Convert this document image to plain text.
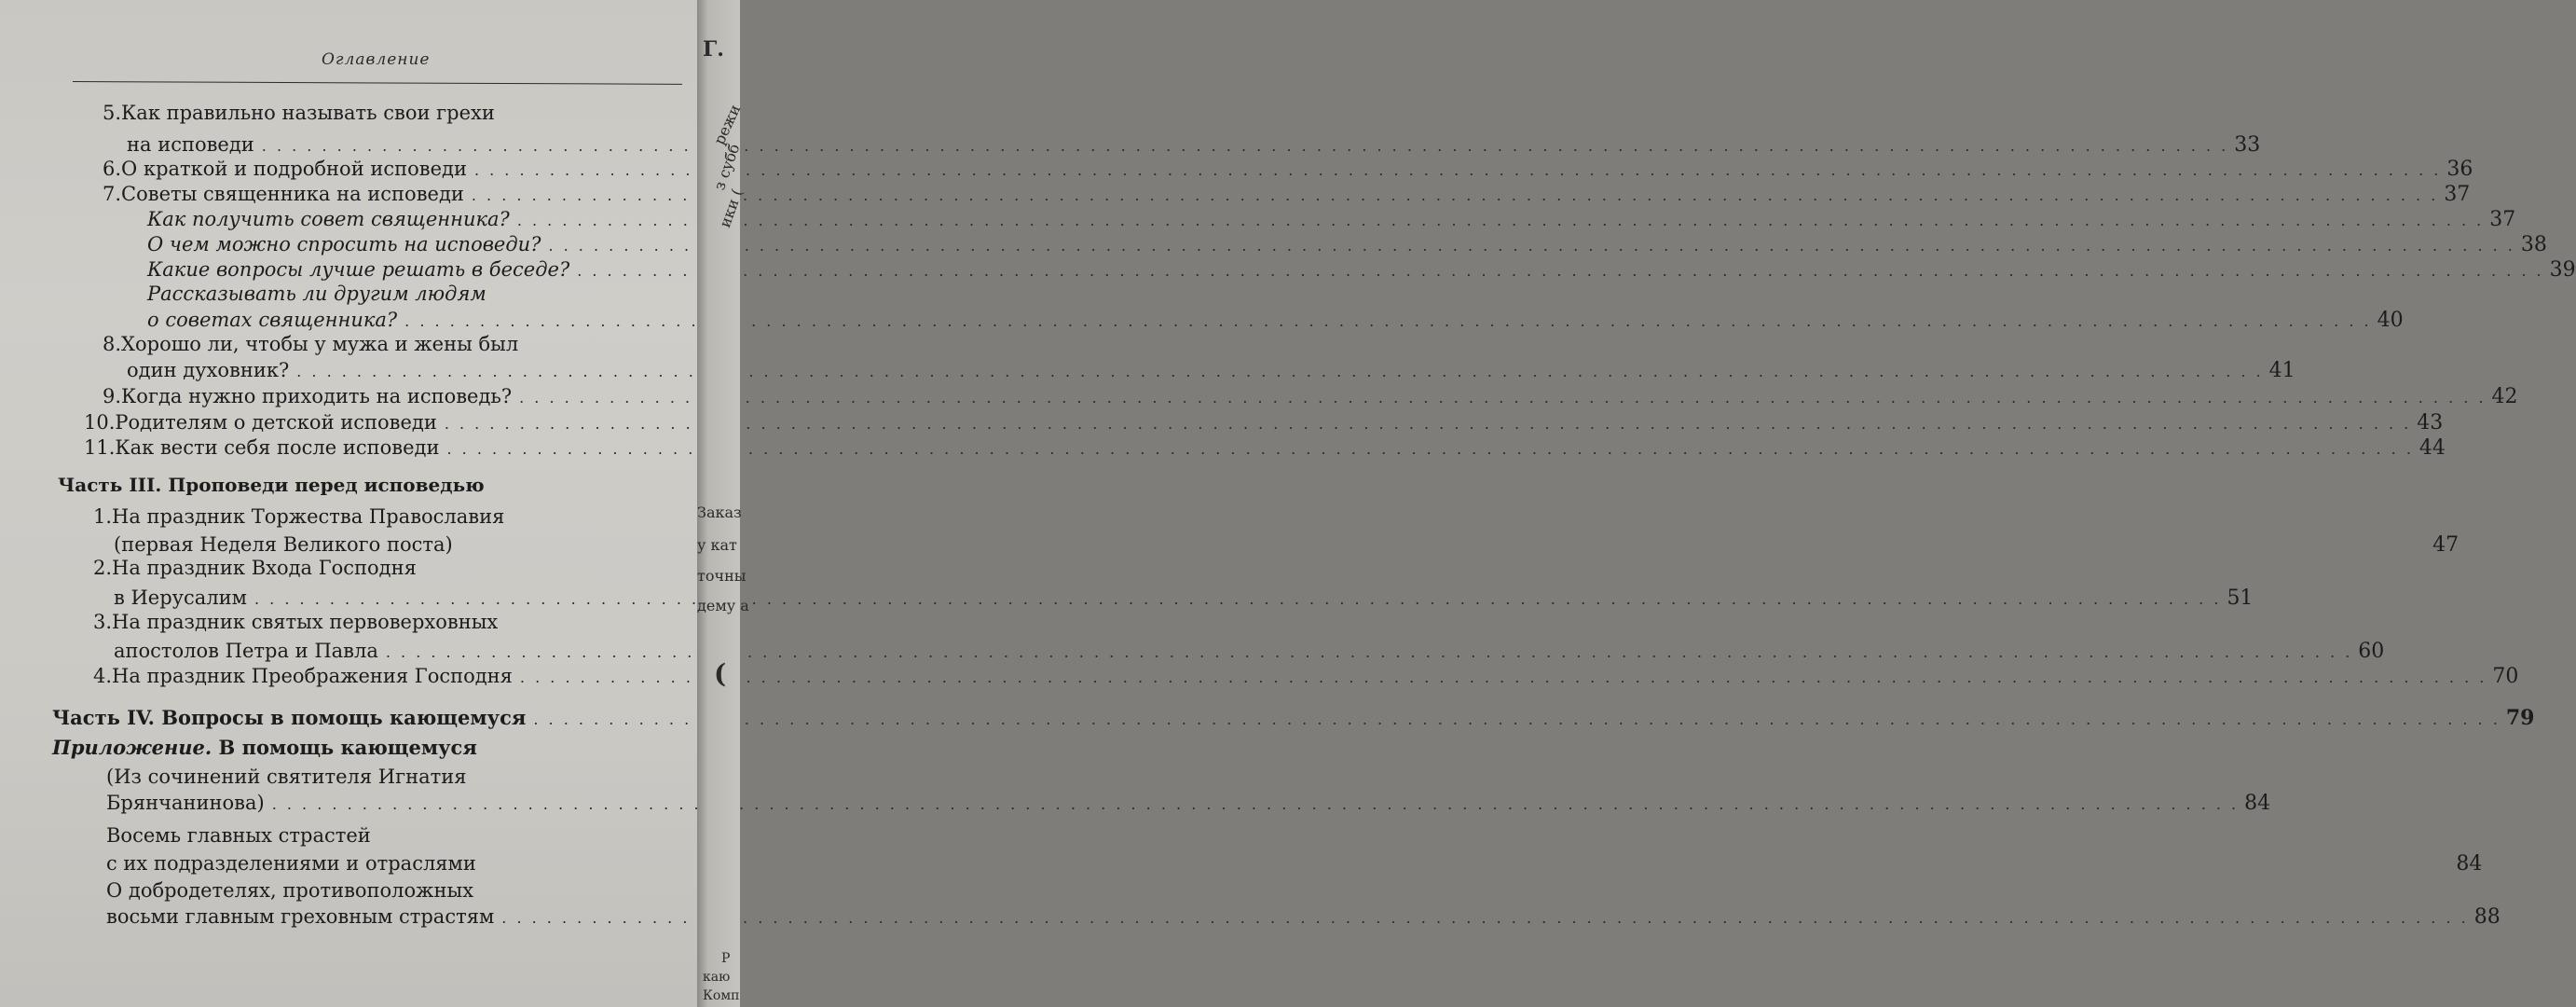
Оглавление
5.Как правильно называть свои грехи
на исповеди . . .	33
6.О краткой и подробной исповеди . . .	36
7.Советы священника на исповеди . . .	37
Как получить совет священника? . . .	37
О чем можно спросить на исповеди? . . .	38
Какие вопросы лучше решать в беседе? . . .	39
Рассказывать ли другим людям
о советах священника? . . .	40
8.Хорошо ли, чтобы у мужа и жены был
один духовник? . . .	41
9.Когда нужно приходить на исповедь? . . .	42
10.Родителям о детской исповеди . . .	43
11.Как вести себя после исповеди . . .	44
Часть III. Проповеди перед исповедью
1.На праздник Торжества Православия
(первая Неделя Великого поста)	47
2.На праздник Входа Господня
в Иерусалим . . .	51
3.На праздник святых первоверховных
апостолов Петра и Павла . . .	60
4.На праздник Преображения Господня . . .	70
Часть IV. Вопросы в помощь кающемуся . . .	79
Приложение. В помощь кающемуся
(Из сочинений святителя Игнатия
Брянчанинова) . . .	84
Восемь главных страстей
с их подразделениями и отраслями	84
О добродетелях, противоположных
восьми главным греховным страстям . . .	88
Г.
режи
з субб
ики (
Заказ
у кат
точны
дему а
(
Р
каю
Комп
